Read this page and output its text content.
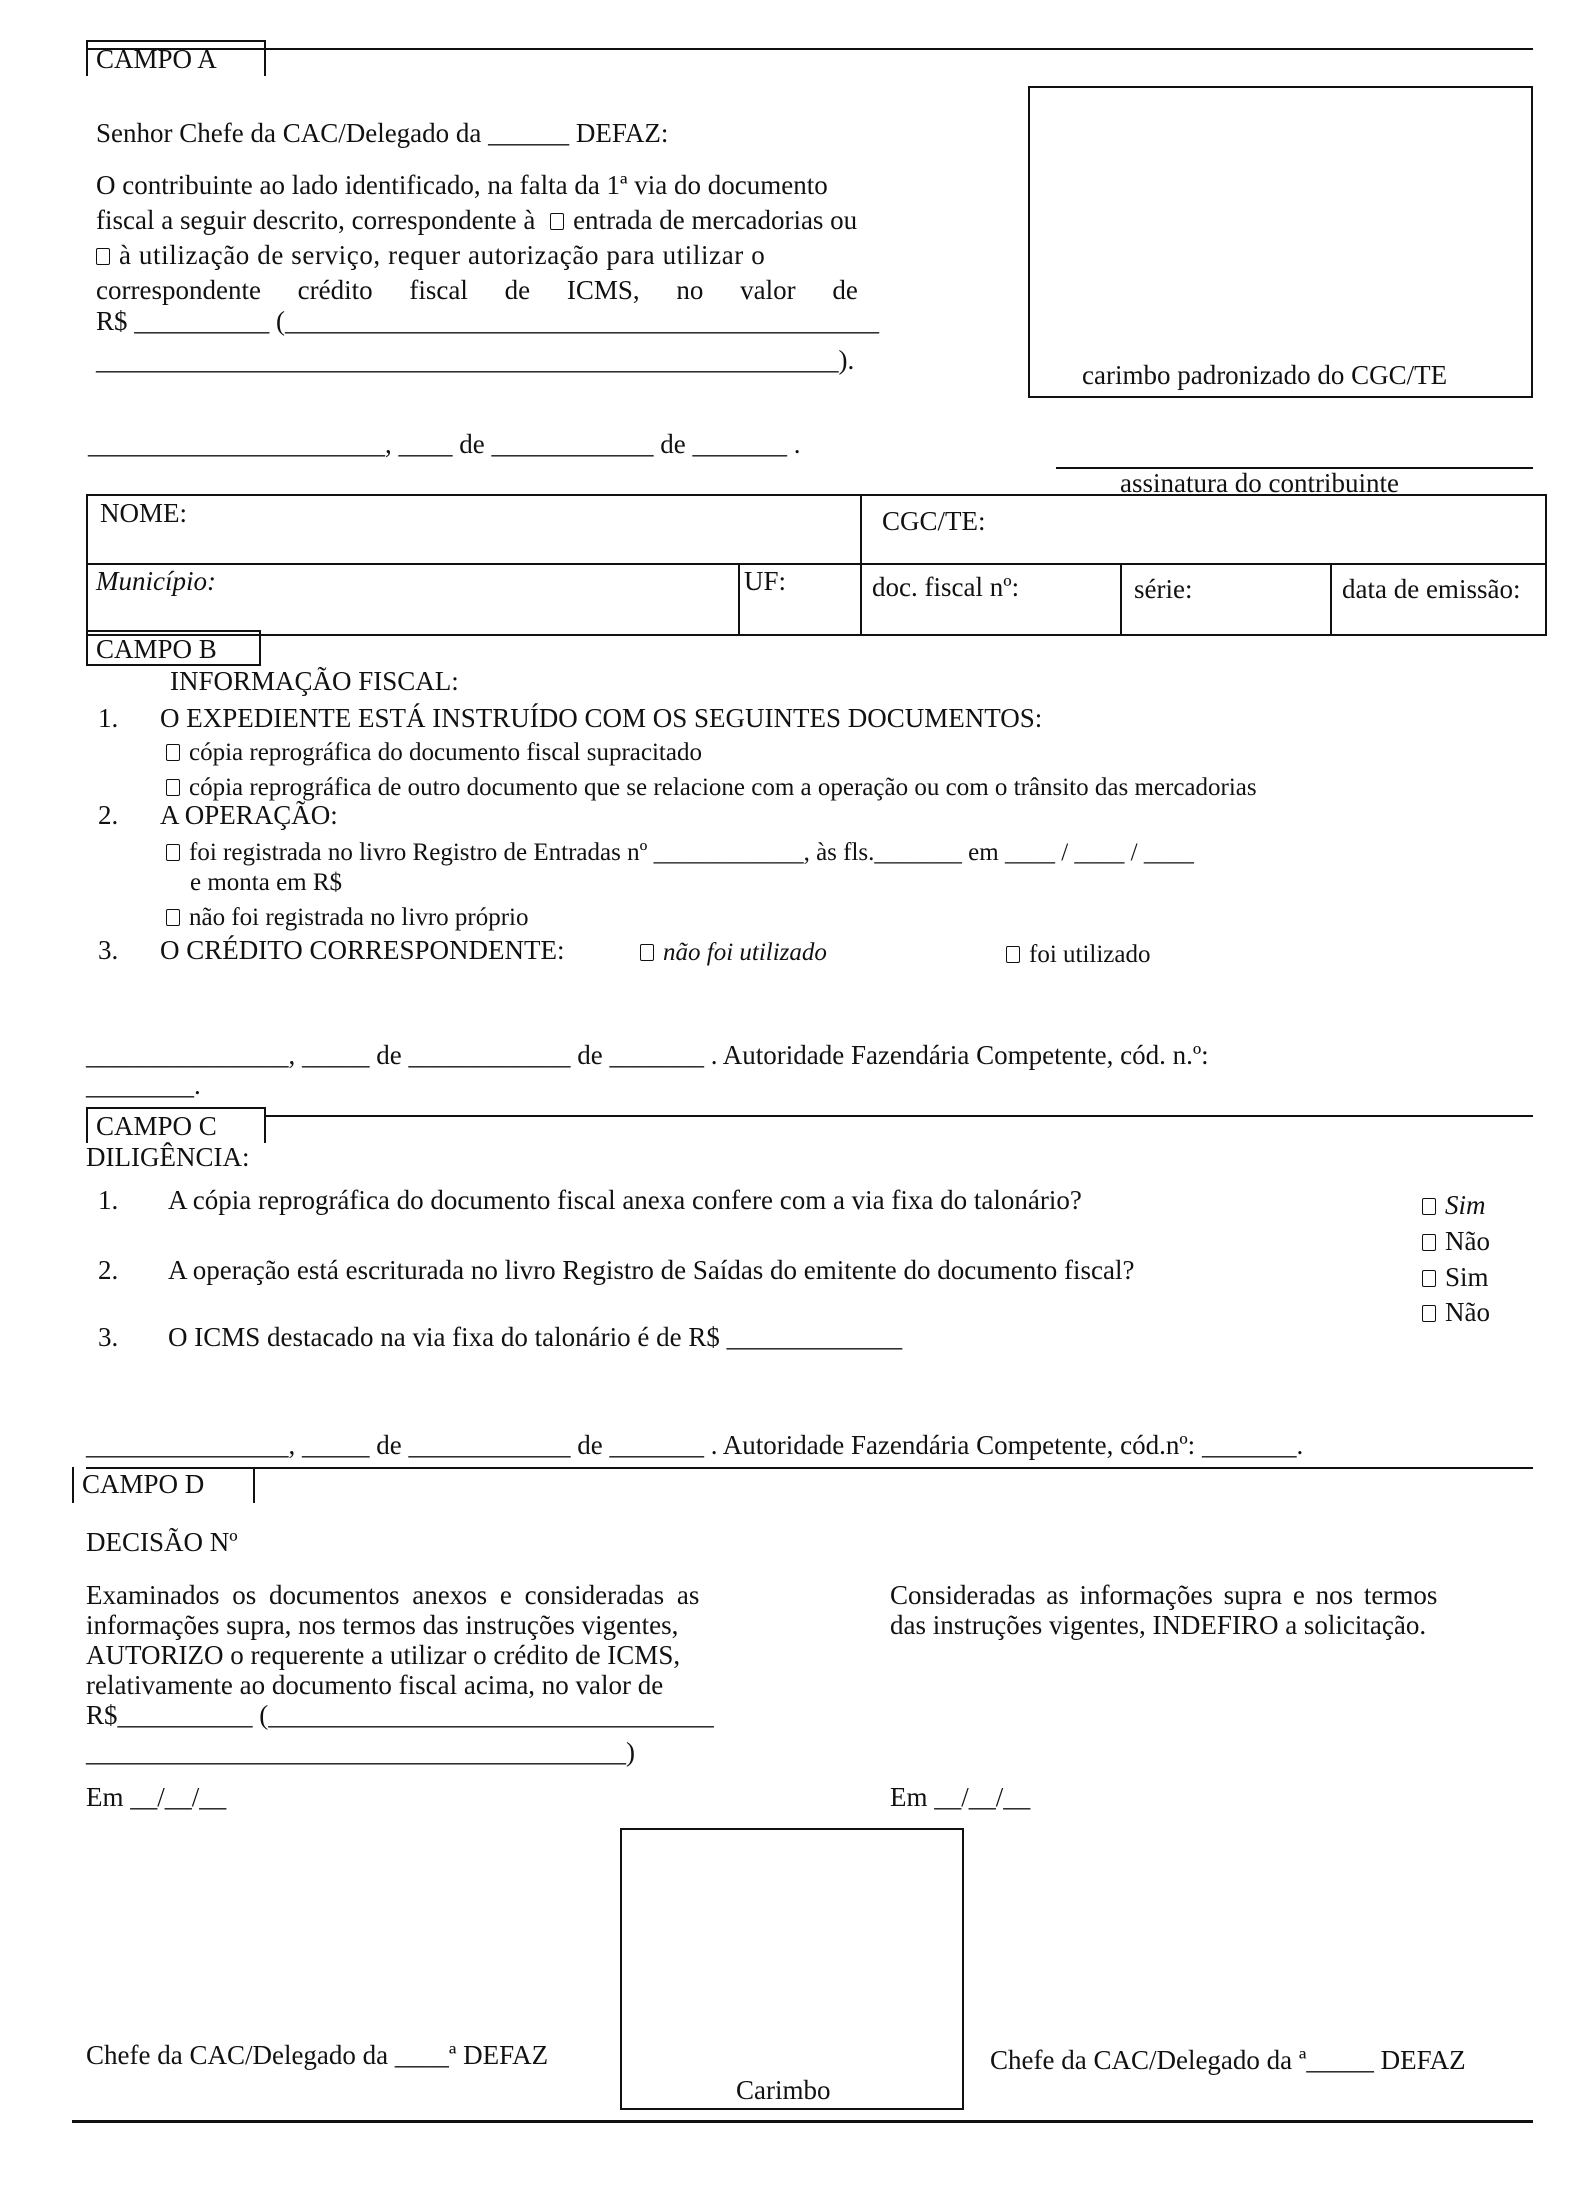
CAMPO A
Senhor Chefe da CAC/Delegado da ______ DEFAZ:
O contribuinte ao lado identificado, na falta da 1ª via do documento
fiscal a seguir descrito, correspondente à entrada de mercadorias ou
à utilização de serviço, requer autorização para utilizar o
correspondente crédito fiscal de ICMS, no valor de
R$ __________ (____________________________________________
_______________________________________________________).	carimbo padronizado do CGC/TE
______________________, ____ de ____________ de _______ .
assinatura do contribuinte
NOME:	CGC/TE:
Município:	UF:	doc. fiscal nº:	série:	data de emissão:
CAMPO B
INFORMAÇÃO FISCAL:
1. O EXPEDIENTE ESTÁ INSTRUÍDO COM OS SEGUINTES DOCUMENTOS:
cópia reprográfica do documento fiscal supracitado
cópia reprográfica de outro documento que se relacione com a operação ou com o trânsito das mercadorias
2. A OPERAÇÃO:
foi registrada no livro Registro de Entradas nº ____________, às fls._______ em ____ / ____ / ____
e monta em R$
não foi registrada no livro próprio
3. O CRÉDITO CORRESPONDENTE:	não foi utilizado	foi utilizado
_______________, _____ de ____________ de _______ . Autoridade Fazendária Competente, cód. n.º:
________.
CAMPO C
DILIGÊNCIA:
1. A cópia reprográfica do documento fiscal anexa confere com a via fixa do talonário?	Sim
Não
2. A operação está escriturada no livro Registro de Saídas do emitente do documento fiscal?	Sim
Não
3. O ICMS destacado na via fixa do talonário é de R$ _____________
_______________, _____ de ____________ de _______ . Autoridade Fazendária Competente, cód.nº: _______.
CAMPO D
DECISÃO Nº
Examinados os documentos anexos e consideradas as
informações supra, nos termos das instruções vigentes,
AUTORIZO o requerente a utilizar o crédito de ICMS,
relativamente ao documento fiscal acima, no valor de
R$__________ (_________________________________
________________________________________)
Consideradas as informações supra e nos termos
das instruções vigentes, INDEFIRO a solicitação.
Em __/__/__	Em __/__/__
Carimbo
Chefe da CAC/Delegado da ____ª DEFAZ	Chefe da CAC/Delegado da ª_____ DEFAZ
